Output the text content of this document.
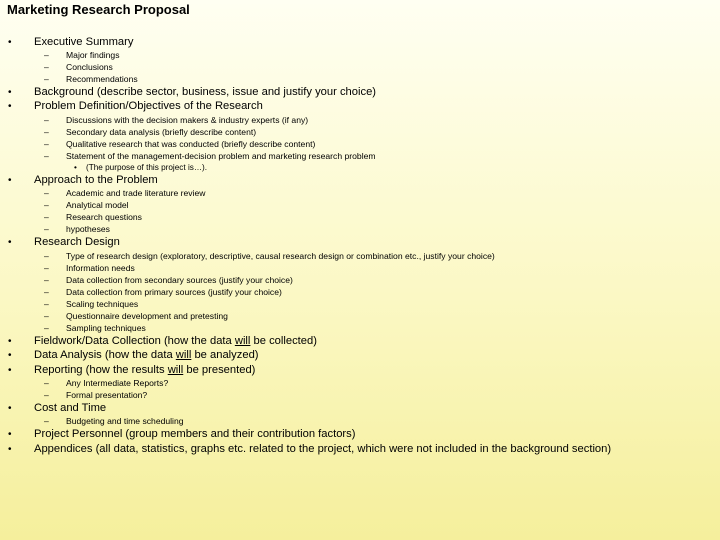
Marketing Research Proposal
• Executive Summary
– Major findings
– Conclusions
– Recommendations
• Background (describe sector, business, issue and justify your choice)
• Problem Definition/Objectives of the Research
– Discussions with the decision makers & industry experts (if any)
– Secondary data analysis (briefly describe content)
– Qualitative research that was conducted (briefly describe content)
– Statement of the management-decision problem and marketing research problem
• (The purpose of this project is…).
• Approach to the Problem
– Academic and trade literature review
– Analytical model
– Research questions
– hypotheses
• Research Design
– Type of research design (exploratory, descriptive, causal research design or combination etc., justify your choice)
– Information needs
– Data collection from secondary sources (justify your choice)
– Data collection from primary sources (justify your choice)
– Scaling techniques
– Questionnaire development and pretesting
– Sampling techniques
• Fieldwork/Data Collection (how the data will be collected)
• Data Analysis (how the data will be analyzed)
• Reporting (how the results will be presented)
– Any Intermediate Reports?
– Formal presentation?
• Cost and Time
– Budgeting and time scheduling
• Project Personnel (group members and their contribution factors)
• Appendices (all data, statistics, graphs etc. related to the project, which were not included in the background section)
